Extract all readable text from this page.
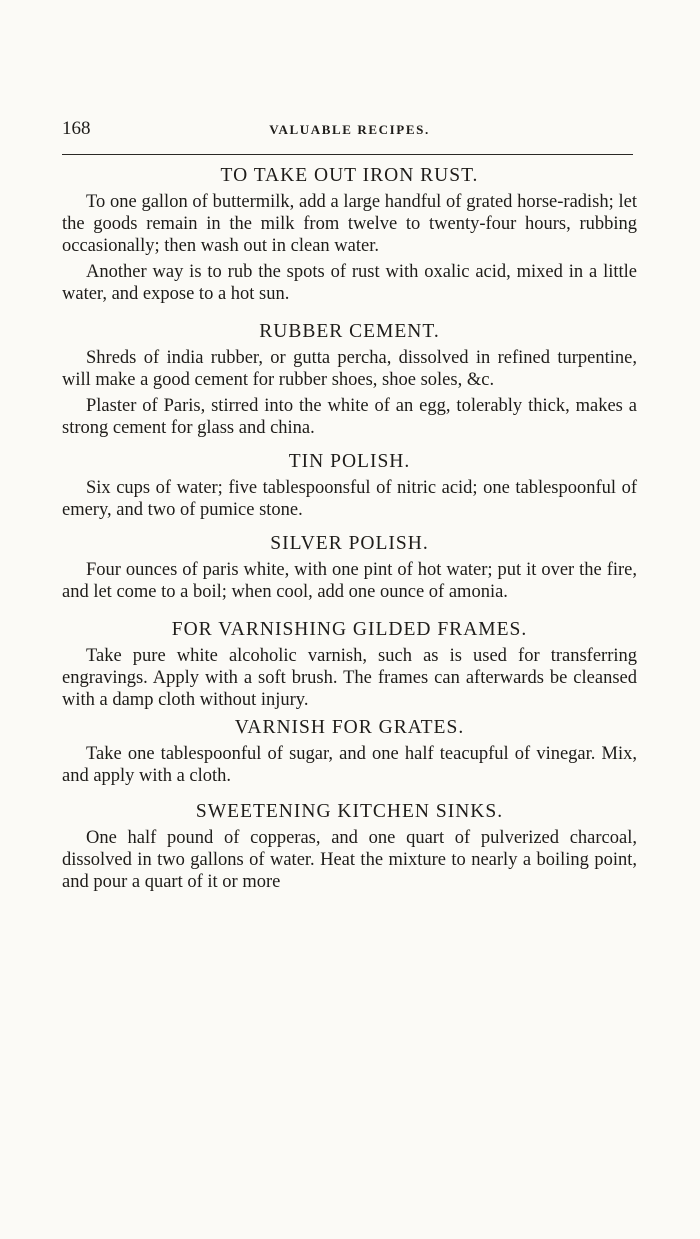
168	VALUABLE RECIPES.
TO TAKE OUT IRON RUST.

To one gallon of buttermilk, add a large handful of grated horse-radish; let the goods remain in the milk from twelve to twenty-four hours, rubbing occasionally; then wash out in clean water.

Another way is to rub the spots of rust with oxalic acid, mixed in a little water, and expose to a hot sun.

RUBBER CEMENT.

Shreds of india rubber, or gutta percha, dissolved in refined turpentine, will make a good cement for rubber shoes, shoe soles, &c.

Plaster of Paris, stirred into the white of an egg, tolerably thick, makes a strong cement for glass and china.

TIN POLISH.

Six cups of water; five tablespoonsful of nitric acid; one tablespoonful of emery, and two of pumice stone.

SILVER POLISH.

Four ounces of paris white, with one pint of hot water; put it over the fire, and let come to a boil; when cool, add one ounce of amonia.

FOR VARNISHING GILDED FRAMES.

Take pure white alcoholic varnish, such as is used for transferring engravings. Apply with a soft brush. The frames can afterwards be cleansed with a damp cloth without injury.

VARNISH FOR GRATES.

Take one tablespoonful of sugar, and one half teacupful of vinegar. Mix, and apply with a cloth.

SWEETENING KITCHEN SINKS.

One half pound of copperas, and one quart of pulverized charcoal, dissolved in two gallons of water. Heat the mixture to nearly a boiling point, and pour a quart of it or more
